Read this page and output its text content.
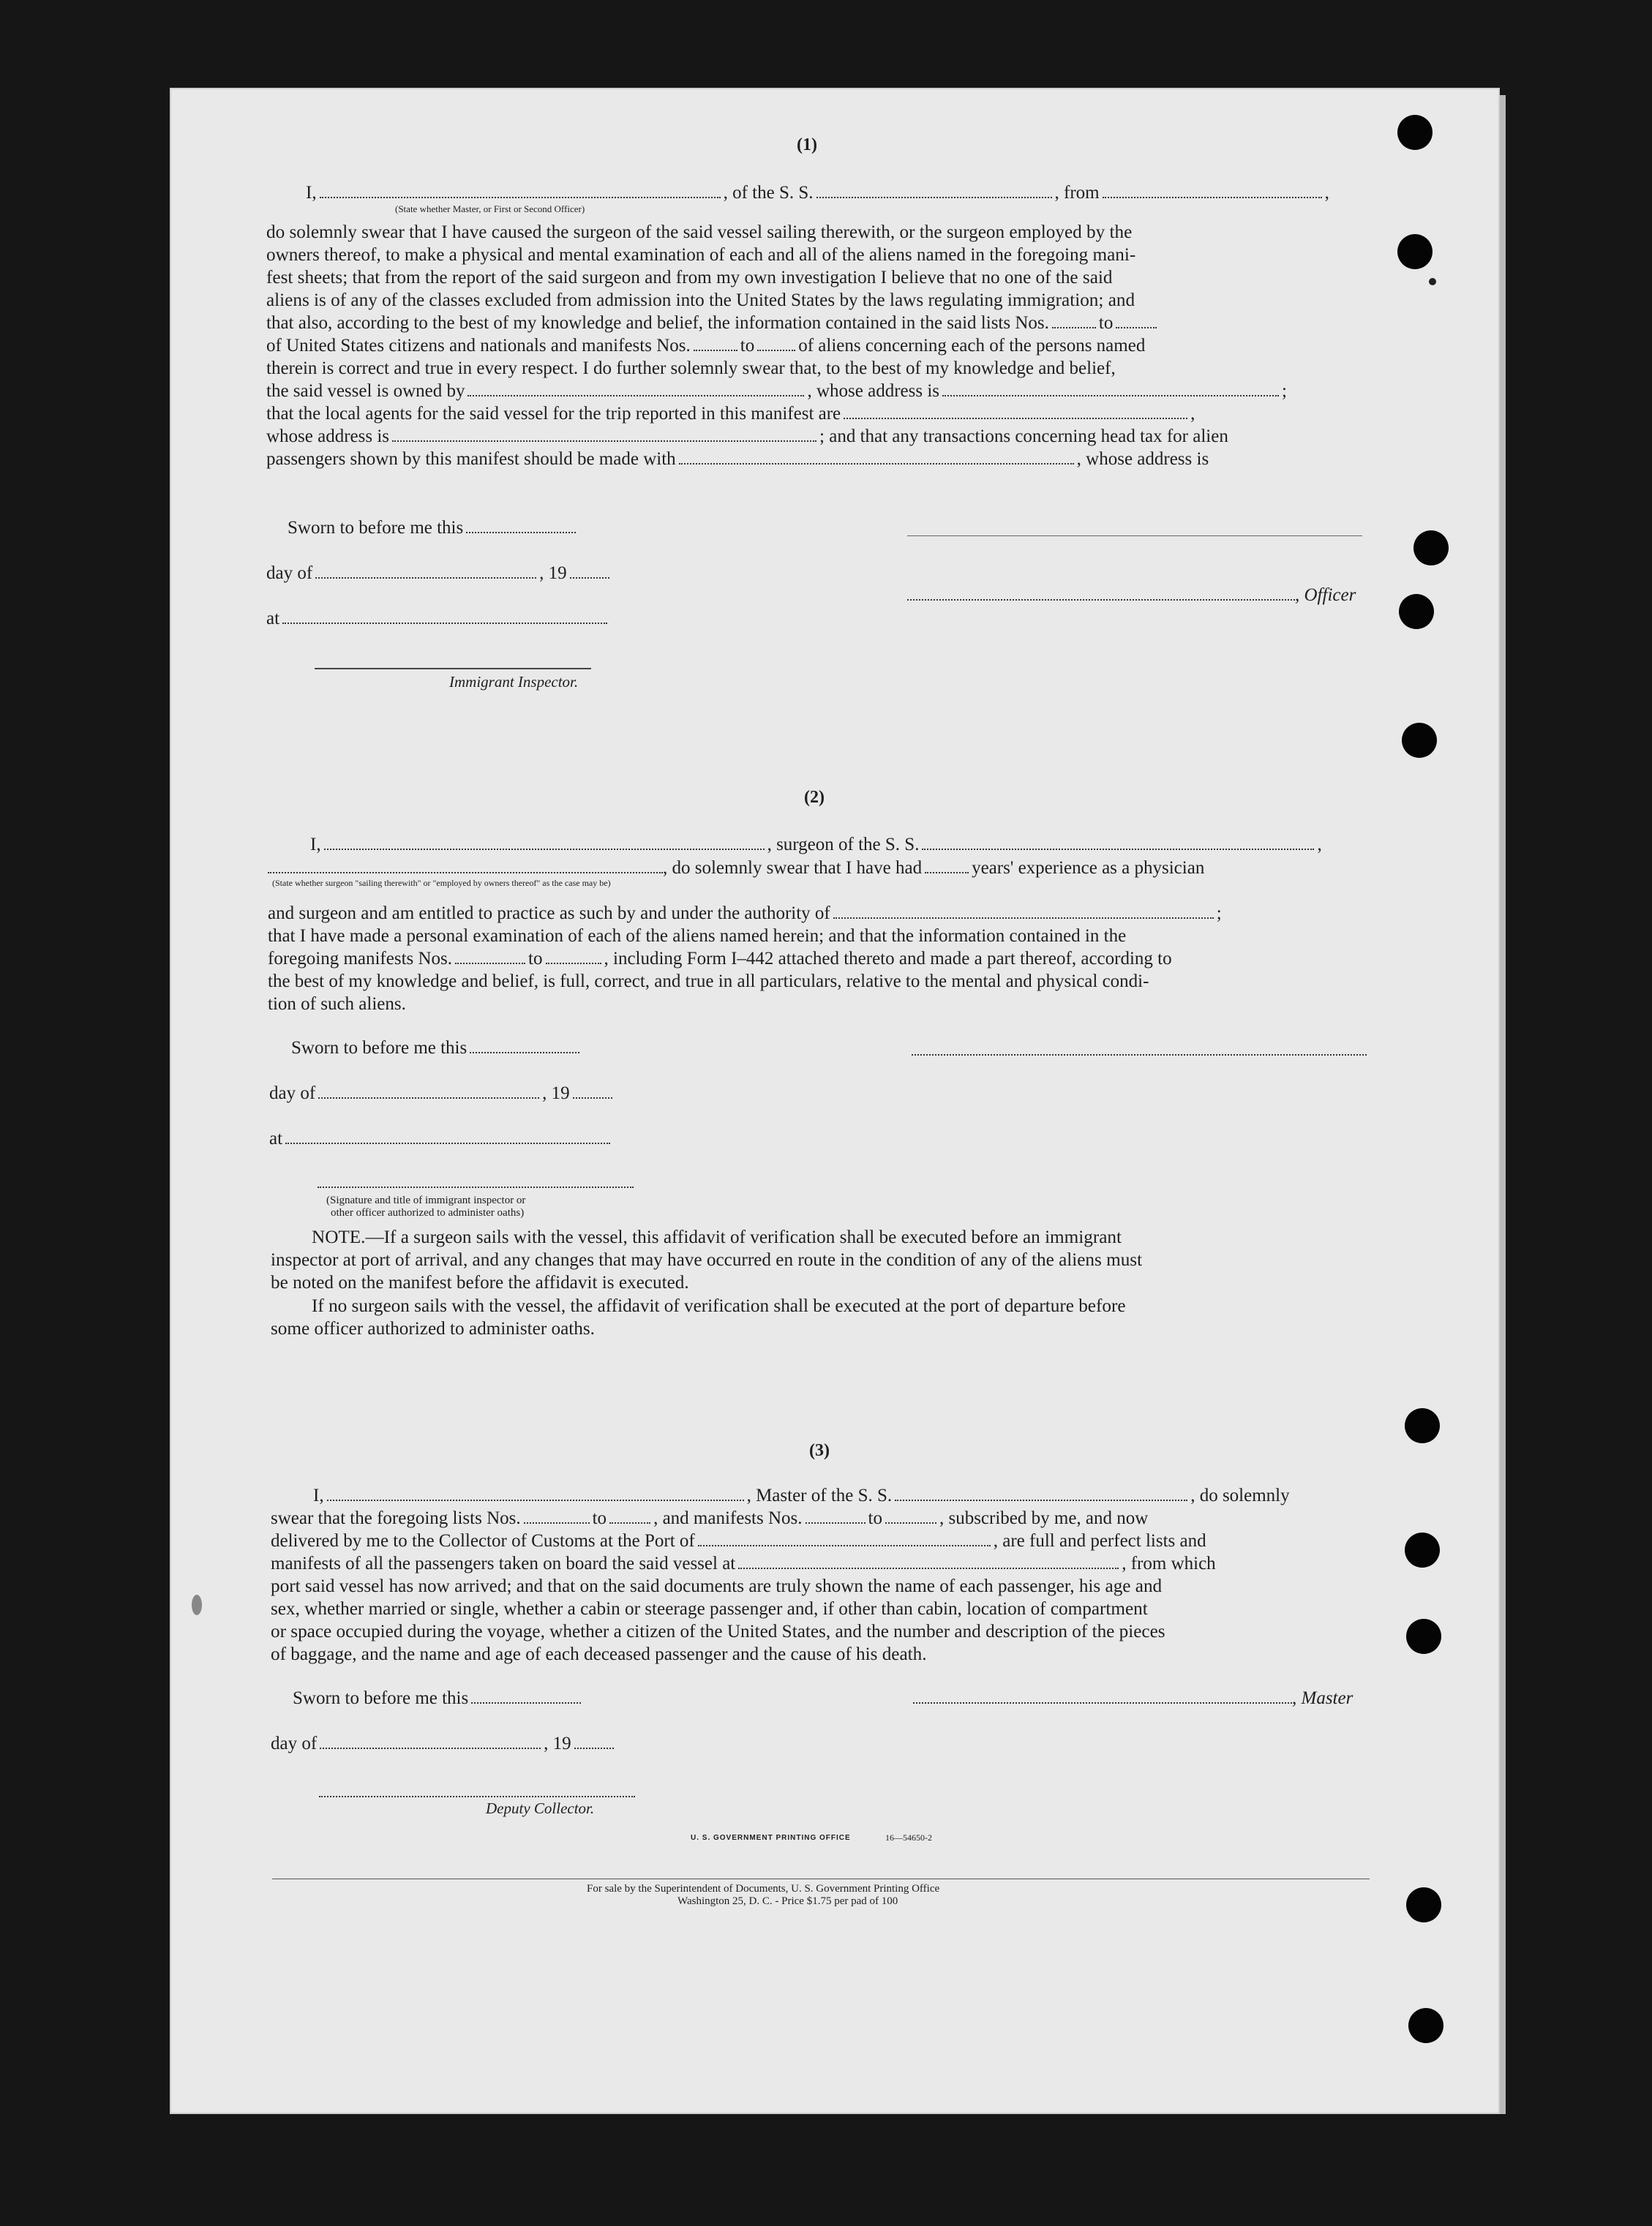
(1)
I,	, of the S. S.	, from	,
(State whether Master, or First or Second Officer)
do solemnly swear that I have caused the surgeon of the said vessel sailing therewith, or the surgeon employed by the
owners thereof, to make a physical and mental examination of each and all of the aliens named in the foregoing mani-
fest sheets; that from the report of the said surgeon and from my own investigation I believe that no one of the said
aliens is of any of the classes excluded from admission into the United States by the laws regulating immigration; and
that also, according to the best of my knowledge and belief, the information contained in the said lists Nos.	to
of United States citizens and nationals and manifests Nos.	to of aliens concerning each of the persons named
therein is correct and true in every respect. I do further solemnly swear that, to the best of my knowledge and belief,
the said vessel is owned by	, whose address is	;
that the local agents for the said vessel for the trip reported in this manifest are	,
whose address is	; and that any transactions concerning head tax for alien
passengers shown by this manifest should be made with	, whose address is
Sworn to before me this
day of	, 19
at
Immigrant Inspector.
, Officer
(2)
I,	, surgeon of the S. S.	,
, do solemnly swear that I have had	years' experience as a physician
(State whether surgeon "sailing therewith" or "employed by owners thereof" as the case may be)
and surgeon and am entitled to practice as such by and under the authority of	;
that I have made a personal examination of each of the aliens named herein; and that the information contained in the
foregoing manifests Nos.	to	, including Form I–442 attached thereto and made a part thereof, according to
the best of my knowledge and belief, is full, correct, and true in all particulars, relative to the mental and physical condi-
tion of such aliens.
Sworn to before me this
day of	, 19
at
(Signature and title of immigrant inspector or
other officer authorized to administer oaths)
NOTE.—If a surgeon sails with the vessel, this affidavit of verification shall be executed before an immigrant
inspector at port of arrival, and any changes that may have occurred en route in the condition of any of the aliens must
be noted on the manifest before the affidavit is executed.
If no surgeon sails with the vessel, the affidavit of verification shall be executed at the port of departure before
some officer authorized to administer oaths.
(3)
I,	, Master of the S. S.	, do solemnly
swear that the foregoing lists Nos.	to	, and manifests Nos.	to	, subscribed by me, and now
delivered by me to the Collector of Customs at the Port of	, are full and perfect lists and
manifests of all the passengers taken on board the said vessel at	, from which
port said vessel has now arrived; and that on the said documents are truly shown the name of each passenger, his age and
sex, whether married or single, whether a cabin or steerage passenger and, if other than cabin, location of compartment
or space occupied during the voyage, whether a citizen of the United States, and the number and description of the pieces
of baggage, and the name and age of each deceased passenger and the cause of his death.
Sworn to before me this	, Master
day of	, 19
Deputy Collector.
U. S. GOVERNMENT PRINTING OFFICE	16—54650-2
For sale by the Superintendent of Documents, U. S. Government Printing Office
Washington 25, D. C. - Price $1.75 per pad of 100
